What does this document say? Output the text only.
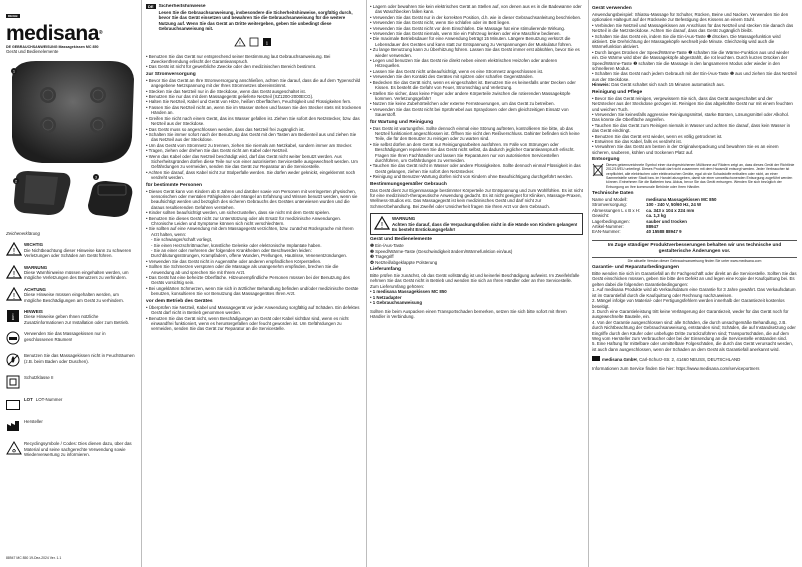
DE/GB
medisana®
DE GEBRAUCHSANWEISUNG Massagekissen MC 850
Gerät und Bedienelemente
1
2
3
Zeichenerklärung
!
WICHTIG
Die Nichtbeachtung dieser Hinweise kann zu schweren Verletzungen oder Schäden am Gerät führen.
!
WARNUNG
Diese Warnhinweise müssen eingehalten werden, um mögliche Verletzungen des Benutzers zu verhindern.
!
ACHTUNG
Diese Hinweise müssen eingehalten werden, um mögliche Beschädigungen am Gerät zu verhindern.
i
HINWEIS
Diese Hinweise geben Ihnen nützliche Zusatzinformationen zur Installation oder zum Betrieb.
Verwenden Sie das Massagekissen nur in geschlossenen Räumen!
Benutzen Sie das Massagekissen nicht in Feuchträumen (z.B. beim Baden oder Duschen).
Schutzklasse II
LOT LOT-Nummer
Hersteller
♻
Recyclingsymbole / Codes: Dies dienen dazu, über das Material und seine sachgerechte Verwendung sowie Wiederverwertung zu informieren.
88947 MC 850 19-Dez-2024 Ver. 1.1
DE	Sicherheitshinweise
Lesen Sie die Gebrauchsanweisung, insbesondere die Sicherheitshinweise, sorgfältig durch, bevor Sie das Gerät einsetzen und bewahren Sie die Gebrauchsanweisung für die weitere Nutzung auf. Wenn Sie das Gerät an Dritte weitergeben, geben Sie unbedingt diese Gebrauchsanweisung mit.
!	i
• Benutzen Sie das Gerät nur entsprechend seiner Bestimmung laut Gebrauchsanweisung. Bei Zweckentfremdung erlischt der Garantieanspruch.
• Das Gerät ist nicht für gewerbliche Zwecke oder den medizinischen Bereich bestimmt.
zur Stromversorgung
• Bevor Sie das Gerät an Ihre Stromversorgung anschließen, achten Sie darauf, dass die auf dem Typenschild angegebene Netzspannung mit der Ihres Stromnetzes übereinstimmt.
• Stecken Sie das Netzteil nur in die Steckdose, wenn das Gerät ausgeschaltet ist.
• Benutzen Sie nur das mit dem Massagegerät gelieferte Netzteil (XZ1200-2000ECG).
• Halten Sie Netzteil, Kabel und Gerät von Hitze, heißen Oberflächen, Feuchtigkeit und Flüssigkeiten fern.
• Fassen Sie das Netzteil nicht an, wenn Sie im Wasser stehen und fassen Sie den Stecker stets mit trockenen Händen an.
• Greifen Sie nicht nach einem Gerät, das ins Wasser gefallen ist. Ziehen Sie sofort den Netzstecker, bzw. das Netzteil aus der Steckdose.
• Das Gerät muss so angeschlossen werden, dass das Netzteil frei zugänglich ist.
• Schalten Sie immer sofort nach der Benutzung das Gerät mit den Tasten am Bedienteil aus und ziehen Sie das Netzteil aus der Steckdose.
• Um das Gerät vom Stromnetz zu trennen, ziehen Sie niemals am Netzkabel, sondern immer am Stecker.
• Tragen, ziehen oder drehen Sie das Gerät nicht am Kabel oder Netzteil.
• Wenn das Kabel oder das Netzteil beschädigt wird, darf das Gerät nicht weiter benutzt werden. Aus Sicherheitsgründen dürfen diese Teile nur von einer autorisierten Servicestelle ausgewechselt werden. Um Gefährdungen zu vermeiden, senden Sie das Gerät zur Reparatur an die Servicestelle.
• Achten Sie darauf, dass Kabel nicht zur Stolperfalle werden. Sie dürfen weder geknickt, eingeklemmt noch verdreht werden.
für bestimmte Personen
• Dieses Gerät kann von Kindern ab 8 Jahren und darüber sowie von Personen mit verringerten physischen, sensorischen oder mentalen Fähigkeiten oder Mangel an Erfahrung und Wissen benutzt werden, wenn sie beaufsichtigt werden und bezüglich des sicheren Gebrauchs des Gerätes unterwiesen wurden und die daraus resultierenden Gefahren verstehen.
• Kinder sollten beaufsichtigt werden, um sicherzustellen, dass sie nicht mit dem Gerät spielen.
• Benutzen Sie dieses Gerät nicht zur Unterstützung oder als Ersatz für medizinische Anwendungen. Chronische Leiden und Symptome können sich nicht verschlechtern.
• Sie sollten auf eine Anwendung mit dem Massagegerät verzichten, bzw. zunächst Rücksprache mit Ihrem Arzt halten, wenn:
- Sie schwanger/schaft vorliegt,
- Sie einen Herzschrittmacher, künstliche Gelenke oder elektronische Implantate haben.
- Sie an einer oder mehreren der folgenden Krankheiten oder Beschwerden leiden: Durchblutungsstörungen, Krampfadern, offene Wunden, Prellungen, Hautrisse, Venenentzündungen.
• Verwenden Sie das Gerät nicht in Augennähe oder anderen empfindlichen Körperstellen.
• Sollten Sie Schmerzen verspüren oder die Massage als unangenehm empfinden, brechen Sie die Anwendung ab und sprechen Sie mit Ihrem Arzt.
• Das Gerät hat eine beheizte Oberfläche. Hitzeunempfindliche Personen müssen bei der Benutzung des Geräts vorsichtig sein.
• Bei ungeklärten Schmerzen, wenn Sie sich in ärztlicher Behandlung befinden und/oder medizinische Geräte benutzen, konsultieren Sie vor Benutzung das Massagegerätes Ihren Arzt.
vor dem Betrieb des Gerätes
• Überprüfen Sie Netzteil, Kabel und Massagegerät vor jeder Anwendung sorgfältig auf Schäden. Ein defektes Gerät darf nicht in Betrieb genommen werden.
• Benutzen Sie das Gerät nicht, wenn Beschädigungen an Gerät oder Kabel sichtbar sind, wenn es nicht einwandfrei funktioniert, wenn es heruntergefallen oder feucht geworden ist. Um Gefährdungen zu vermeiden, senden Sie das Gerät zur Reparatur an die Servicestelle.
• Lagern oder bewahren Sie kein elektrisches Gerät an Stellen auf, von denen aus es in die Badewanne oder das Waschbecken fallen kann.
• Verwenden Sie das Gerät nur in der korrekten Position, d.h. wie in dieser Gebrauchsanleitung beschrieben.
• Verwenden Sie das Gerät nicht, wenn Sie schlafen oder im Bett liegen.
• Verwenden Sie das Gerät nicht vor dem Einschlafen. Die Massage hat eine stimulierende Wirkung.
• Verwenden Sie das Gerät niemals, wenn Sie ein Fahrzeug lenken oder eine Maschine bedienen.
• Die maximale Betriebsdauer für eine Anwendung beträgt 15 Minuten. Längere Benutzung verkürzt die Lebensdauer des Gerätes und kann statt zur Entspannung zu Verspannungen der Muskulatur führen.
• Zu lange Benutzung kann zu Überhitzung führen. Lassen Sie das Gerät immer erst abkühlen, bevor Sie es wieder verwenden.
• Legen und benutzen Sie das Gerät nie direkt neben einem elektrischen Heizofen oder anderen Hitzequellen.
• Lassen Sie das Gerät nicht unbeaufsichtigt, wenn es eine Stromnetz angeschlossen ist.
• Verwenden Sie den Kontakt des Gerätes mit spitzen oder scharfen Gegenständen.
• Bedecken Sie das Gerät nicht, wenn es eingeschaltet ist. Benutzen Sie es keinesfalls unter Decken oder Kissen. Es besteht die Gefahr von Feuer, Stromschlag und Verletzung.
• Stellen Sie sicher, dass keine Finger oder andere Körperteile zwischen die rotierenden Massageköpfe kommen. Verletzungsgefahr!
• Nutzen Sie keine Zubehörteilchen oder externe Fernsteuerungen, um das Gerät zu betreiben.
• Verwenden Sie das Gerät nicht bei Sprühnebel aus Spraydosen oder dem gleichzeitigen Einsatz von Sauerstoff.
für Wartung und Reinigung
• Das Gerät ist wartungsfrei. Sollte dennoch einmal eine Störung auftreten, kontrollieren Sie bitte, ob das Netzteil funktioniert angeschlossen ist. Öffnen Sie nicht den Reißverschluss. Dahinter befinden sich keine Teile, die für den Benutzer zu reinigen oder zu warten sind.
• Sie selbst dürfen an dem Gerät nur Reinigungsarbeiten ausführen. Im Falle von Störungen oder Beschädigungen reparieren Sie das Gerät nicht selbst, da dadurch jeglicher Garantieanspruch erlischt. Fragen Sie Ihren Fachhändler und lassen Sie Reparaturen nur von autorisierten Servicestellen durchführen, um Gefährdungen zu vermeiden.
• Tauchen Sie das Gerät nicht in Wasser oder andere Flüssigkeiten. Sollte dennoch einmal Flüssigkeit in das Gerät gelangen, ziehen Sie sofort den Netzstecker.
• Reinigung und Benutzer-Wartung dürfen nicht von Kindern ohne Beaufsichtigung durchgeführt werden.
Bestimmungsgemäßer Gebrauch
Das Gerät dient zur Eigenmassage bestimmter Körperteile zur Entspannung und zum Wohlfühlen. Es ist nicht für eine medizinisch-therapeutische Anwendung gedacht. Es ist nicht geeignet für Kliniken, Massage-Praxen, Wellness-Studios etc. Das Massagegerät ist kein medizinisches Gerät und darf nicht zur Schmerzbehandlung. Bei Zweifel oder Unsicherheit fragen Sie Ihren Arzt vor dem Gebrauch.
!
WARNUNG
Achten Sie darauf, dass die Verpackungsfolien nicht in die Hände von Kindern gelangen! Es besteht Erstickungsgefahr!
Gerät und Bedienelemente
❶ Ein-/Aus-Taste
❷ Speed/Wärme-Taste (Geschwindigkeit ändern/Wärmefunktion ein/aus)
❸ Tragegriff
❹ Netzteil/abgeklappte Polsterung
Lieferumfang
Bitte prüfen Sie zunächst, ob das Gerät vollständig ist und keinerlei Beschädigung aufweist. Im Zweifelsfalle nehmen Sie das Gerät nicht in Betrieb und wenden Sie sich an Ihren Händler oder an Ihre Servicestelle.
Zum Lieferumfang gehören:
• 1 medisana Massagekissen MC 850
• 1 Netzadapter
• 1 Gebrauchsanweisung
Sollten Sie beim Auspacken einen Transportschaden bemerken, setzen Sie sich bitte sofort mit Ihrem Händler in Verbindung.
Gerät verwenden
Anwendungsbeispiel: Shiatsu-Massage für Schulter, Rücken, Beine und Nacken. Verwenden Sie den optionalen Haltegurt auf der Rückseite zur Befestigung des Kissens an einem Stuhl.
• Verbinden Sie Netzteil und Massagekissen am Anschluss für das Netzteil und stecken Sie danach das Netzteil in die Netzsteckdose. Achten Sie darauf, dass das Gerät zugänglich bleibt.
• Schalten Sie das Gerät ein, indem Sie die Ein-/Aus-Taste ❶ drücken. Die Massagefunktion wird aktiviert. Die Drehrichtung der Massageköpfe wechselt jede Minute. Gleichzeitig wird auch die Wärmefunktion aktiviert.
• Durch langes Drücken der Speed/Wärme-Taste ❷ schalten Sie die Wärme-Funktion aus und wieder ein. Die Wärme wird über die Massageköpfe abgestrahlt, die rot leuchten. Durch kurzes Drücken der Speed/Wärme-Taste ❷ schalten Sie die Massage in den langsameren Modus oder wieder in den schnelleren Modus.
• Schalten Sie das Gerät nach jedem Gebrauch mit der Ein-/Aus-Taste ❶ aus und ziehen Sie das Netzteil aus der Steckdose.
Hinweis: Das Gerät schaltet sich nach 15 Minuten automatisch aus.
Reinigung und Pflege
• Bevor Sie das Gerät reinigen, vergewissern Sie sich, dass das Gerät ausgeschaltet und der Netzstecker aus der Steckdose gezogen ist. Reinigen Sie das abgekühlte Gerät nur mit einem feuchten und weichen Tuch.
• Verwenden Sie keinesfalls aggressive Reinigungsmittel, starke Bürsten, Lösungsmittel oder Alkohol. Das könnte die Oberfläche angreifen.
• Tauchen Sie das Gerät zum Reinigen niemals in Wasser und achten Sie darauf, dass kein Wasser in das Gerät eindringt.
• Benutzen Sie das Gerät erst wieder, wenn es völlig getrocknet ist.
• Entwirren Sie das Kabel, falls es verdreht ist.
• Verwahren Sie das Gerät am besten in der Originalverpackung und bewahren Sie es an einem sicheren, sauberen, kühlen und trockenen Platz auf.
Entsorgung
Dieses gekennzeichnete Symbol einer durchgestrichenen Mülltonne auf Rädern zeigt an, dass dieses Gerät der Richtlinie 2012/19/EU unterliegt. Dieses Produkt darf nicht zusammen mit dem Hausmüll entsorgt werden. Jeder Verbraucher ist verpflichtet, alle elektrischen oder elektronischen Geräte, egal ob sie Schadstoffe enthalten oder nicht, an einer Sammelstelle seiner Stadt bzw. im Handel abzugeben, damit sie einer umweltschonenden Entsorgung zugeführt werden können. Entnehmen Sie die Batterien bzw. Akkus, bevor Sie das Gerät entsorgen. Wenden Sie sich bezüglich der Entsorgung an Ihre kommunale Behörde oder Ihren Händler.
Technische Daten
Name und Modell:	medisana Massagekissen MC 850
Stromversorgung:	100 - 240 V, 50/60 Hz, 24 W
Abmessungen L x B x H:	ca. 343 x 104 x 224 mm
Gewicht:	ca. 1,3 kg
Lagerbedingungen:	sauber und trocken
Artikel-Nummer:	88947
EAN-Nummer:	40 15588 88947 9
Im Zuge ständiger Produktverbesserungen behalten wir uns technische und gestalterische Änderungen vor.
Die aktuelle Version dieser Gebrauchsanweisung finden Sie unter www.medisana.com
Garantie- und Reparaturbedingungen
Bitte wenden Sie sich im Garantiefall an Ihr Fachgeschäft oder direkt an die Servicestelle. Sollten Sie das Gerät einschicken müssen, geben Sie bitte den Defekt an und legen eine Kopie der Kaufquittung bei. Es gelten dabei die folgenden Garantiebedingungen:
1. Auf medisana Produkte wird ab Verkaufsdatum eine Garantie für 3 Jahre gewährt. Das Verkaufsdatum ist im Garantiefall durch die Kaufquittung oder Rechnung nachzuweisen.
2. Mängel infolge von Material- oder Fertigungsfehlern werden innerhalb der Garantiezeit kostenlos beseitigt.
3. Durch eine Garantieleistung tritt keine Verlängerung der Garantiezeit, weder für das Gerät noch für ausgewechselte Bauteile, ein.
4. Von der Garantie ausgeschlossen sind: alle Schäden, die durch unsachgemäße Behandlung, z.B. durch Nichtbeachtung der Gebrauchsanweisung, entstanden sind; Schäden, die auf Instandsetzung oder Eingriffe durch den Käufer oder unbefugte Dritte zurückzuführen sind; Transportschäden, die auf dem Weg vom Hersteller zum Verbraucher oder bei der Einsendung an die Servicestelle entstanden sind.
5. Eine Haftung für mittelbare oder unmittelbare Folgeschäden, die durch das Gerät verursacht werden, ist auch dann ausgeschlossen, wenn der Schaden an dem Gerät als Garantiefall anerkannt wird.
medisana GmbH, Carl-Schurz-Str. 2, 41460 NEUSS, DEUTSCHLAND
Informationen zum Service finden Sie hier: https://www.medisana.com/serviceportners
